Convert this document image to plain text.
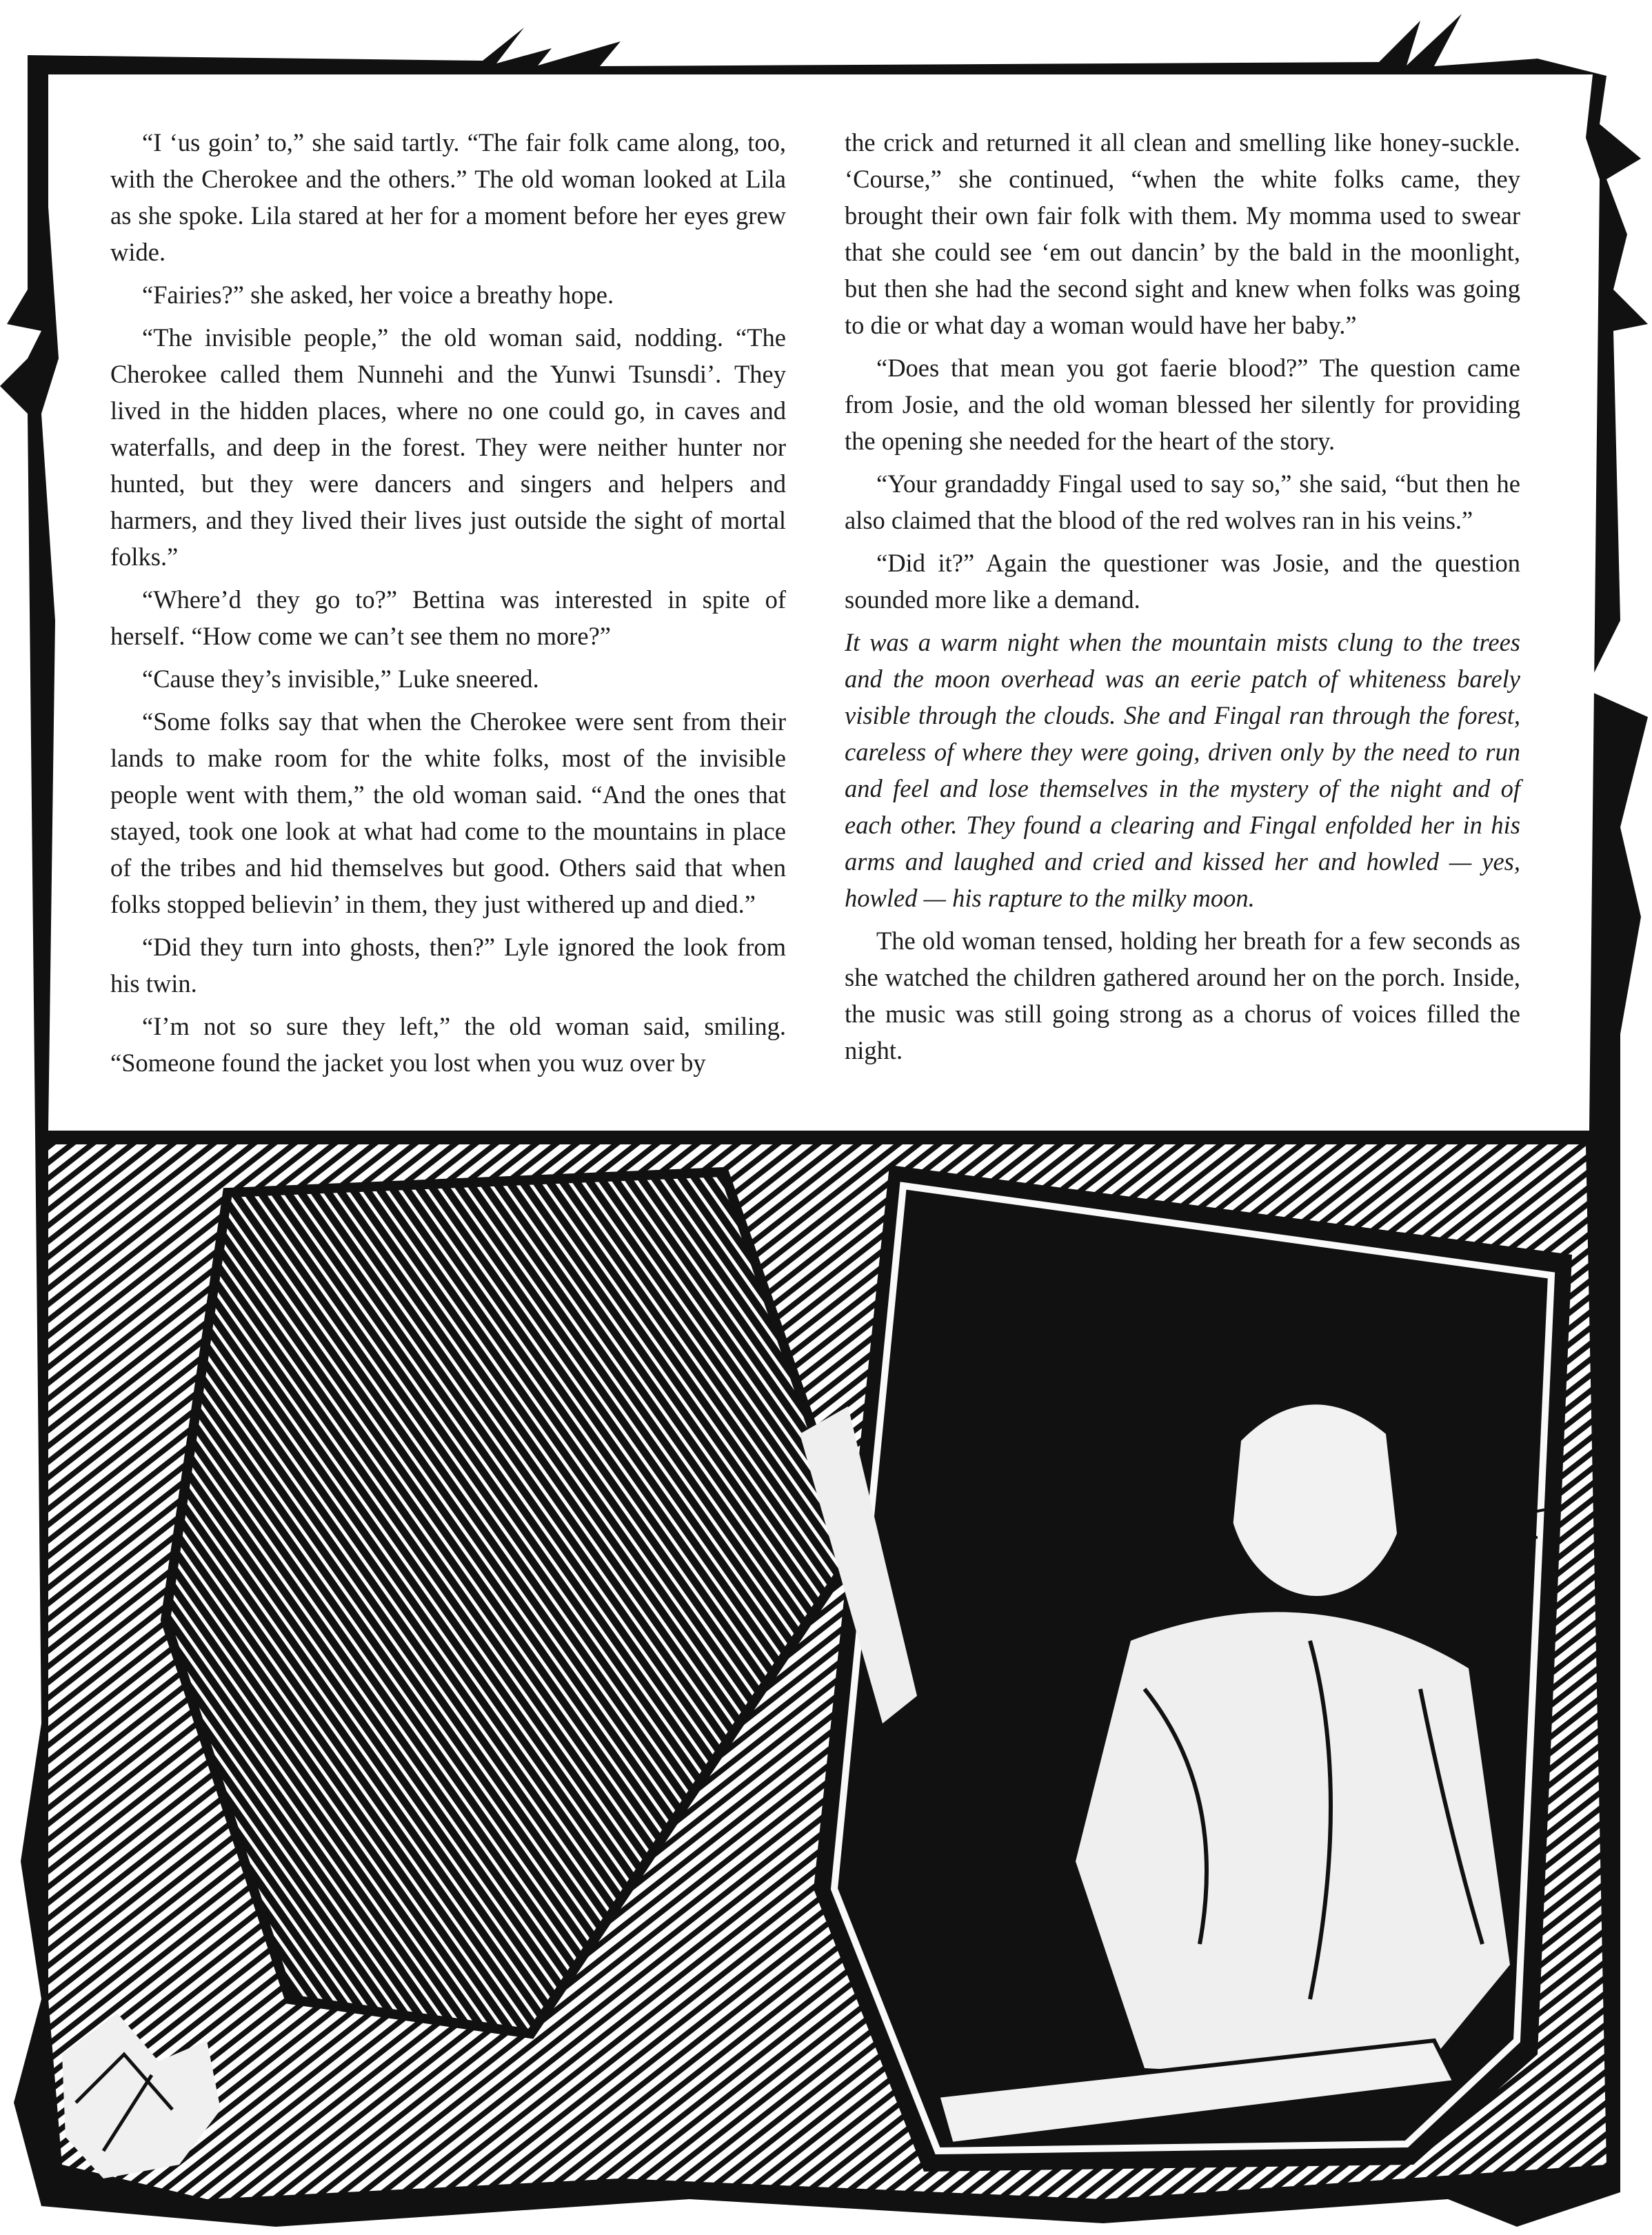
“I ‘us goin’ to,” she said tartly. “The fair folk came along, too, with the Cherokee and the others.” The old woman looked at Lila as she spoke. Lila stared at her for a moment before her eyes grew wide.

“Fairies?” she asked, her voice a breathy hope.

“The invisible people,” the old woman said, nodding. “The Cherokee called them Nunnehi and the Yunwi Tsunsdi’. They lived in the hidden places, where no one could go, in caves and waterfalls, and deep in the forest. They were neither hunter nor hunted, but they were dancers and singers and helpers and harmers, and they lived their lives just outside the sight of mortal folks.”

“Where’d they go to?” Bettina was interested in spite of herself. “How come we can’t see them no more?”

“Cause they’s invisible,” Luke sneered.

“Some folks say that when the Cherokee were sent from their lands to make room for the white folks, most of the invisible people went with them,” the old woman said. “And the ones that stayed, took one look at what had come to the mountains in place of the tribes and hid themselves but good. Others said that when folks stopped believin’ in them, they just withered up and died.”

“Did they turn into ghosts, then?” Lyle ignored the look from his twin.

“I’m not so sure they left,” the old woman said, smiling. “Someone found the jacket you lost when you wuz over by

the crick and returned it all clean and smelling like honey-suckle. ‘Course,” she continued, “when the white folks came, they brought their own fair folk with them. My momma used to swear that she could see ‘em out dancin’ by the bald in the moonlight, but then she had the second sight and knew when folks was going to die or what day a woman would have her baby.”

“Does that mean you got faerie blood?” The question came from Josie, and the old woman blessed her silently for providing the opening she needed for the heart of the story.

“Your grandaddy Fingal used to say so,” she said, “but then he also claimed that the blood of the red wolves ran in his veins.”

“Did it?” Again the questioner was Josie, and the question sounded more like a demand.

It was a warm night when the mountain mists clung to the trees and the moon overhead was an eerie patch of whiteness barely visible through the clouds. She and Fingal ran through the forest, careless of where they were going, driven only by the need to run and feel and lose themselves in the mystery of the night and of each other. They found a clearing and Fingal enfolded her in his arms and laughed and cried and kissed her and howled — yes, howled — his rapture to the milky moon.

The old woman tensed, holding her breath for a few seconds as she watched the children gathered around her on the porch. Inside, the music was still going strong as a chorus of voices filled the night.
